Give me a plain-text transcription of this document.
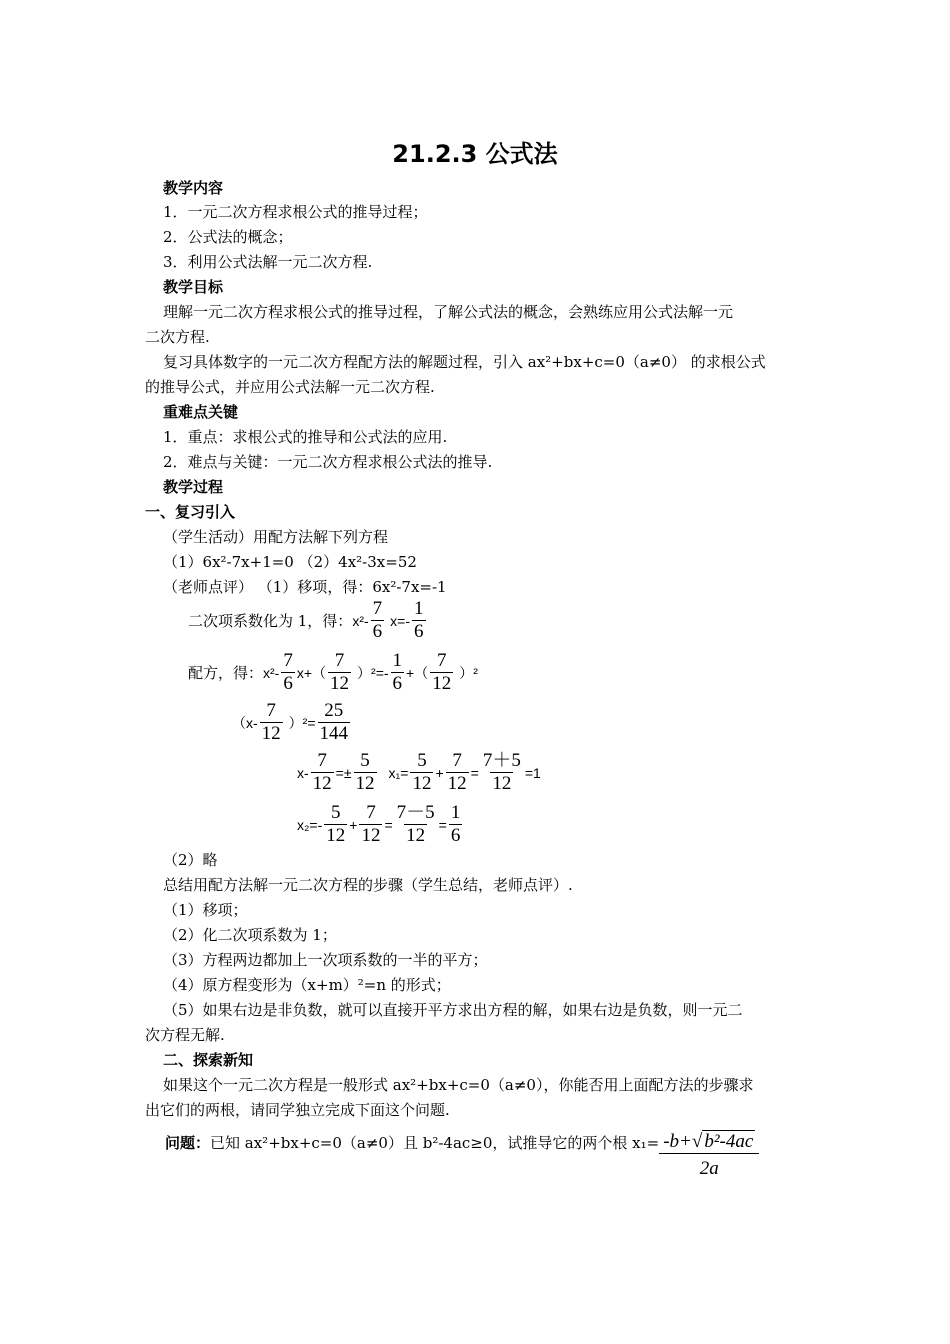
21.2.3 公式法
教学内容
1．一元二次方程求根公式的推导过程；
2．公式法的概念；
3．利用公式法解一元二次方程.
教学目标
理解一元二次方程求根公式的推导过程，了解公式法的概念，会熟练应用公式法解一元
二次方程.
复习具体数字的一元二次方程配方法的解题过程，引入 ax²+bx+c=0（a≠0） 的求根公式
的推导公式，并应用公式法解一元二次方程.
重难点关键
1．重点：求根公式的推导和公式法的应用.
2．难点与关键：一元二次方程求根公式法的推导.
教学过程
一、复习引入
（学生活动）用配方法解下列方程
（1）6x²-7x+1=0 （2）4x²-3x=52
（老师点评） （1）移项，得：6x²-7x=-1
二次项系数化为 1，得： x²-
7
6
x=-
1
6
配方，得： x²-
7
6
x+（
7
12
）²=-
1
6
+（
7
12
）²
（x-
7
12
）$^2= \frac{25}{144}$
$x- \frac{7}{12} =\pm \frac{5}{12} x_1= \frac{5}{12} + \frac{7}{12} = \frac{7+5}{12} =1$
x₂=-
5
12
+ $\frac{7}{12} = \frac{7-5}{12} = \frac{1}{6}$
（2）略
总结用配方法解一元二次方程的步骤（学生总结，老师点评）.
（1）移项；
（2）化二次项系数为 1；
（3）方程两边都加上一次项系数的一半的平方；
（4）原方程变形为（x+m）²=n 的形式；
（5）如果右边是非负数，就可以直接开平方求出方程的解，如果右边是负数，则一元二
次方程无解.
二、探索新知
如果这个一元二次方程是一般形式 ax²+bx+c=0（a≠0），你能否用上面配方法的步骤求
出它们的两根，请同学独立完成下面这个问题.
问题： 已知 ax²+bx+c=0（a≠0）且 b²-4ac≥0，试推导它的两个根 $x_1= \frac{\text{-b+√ b²-4ac}}{2a}$
